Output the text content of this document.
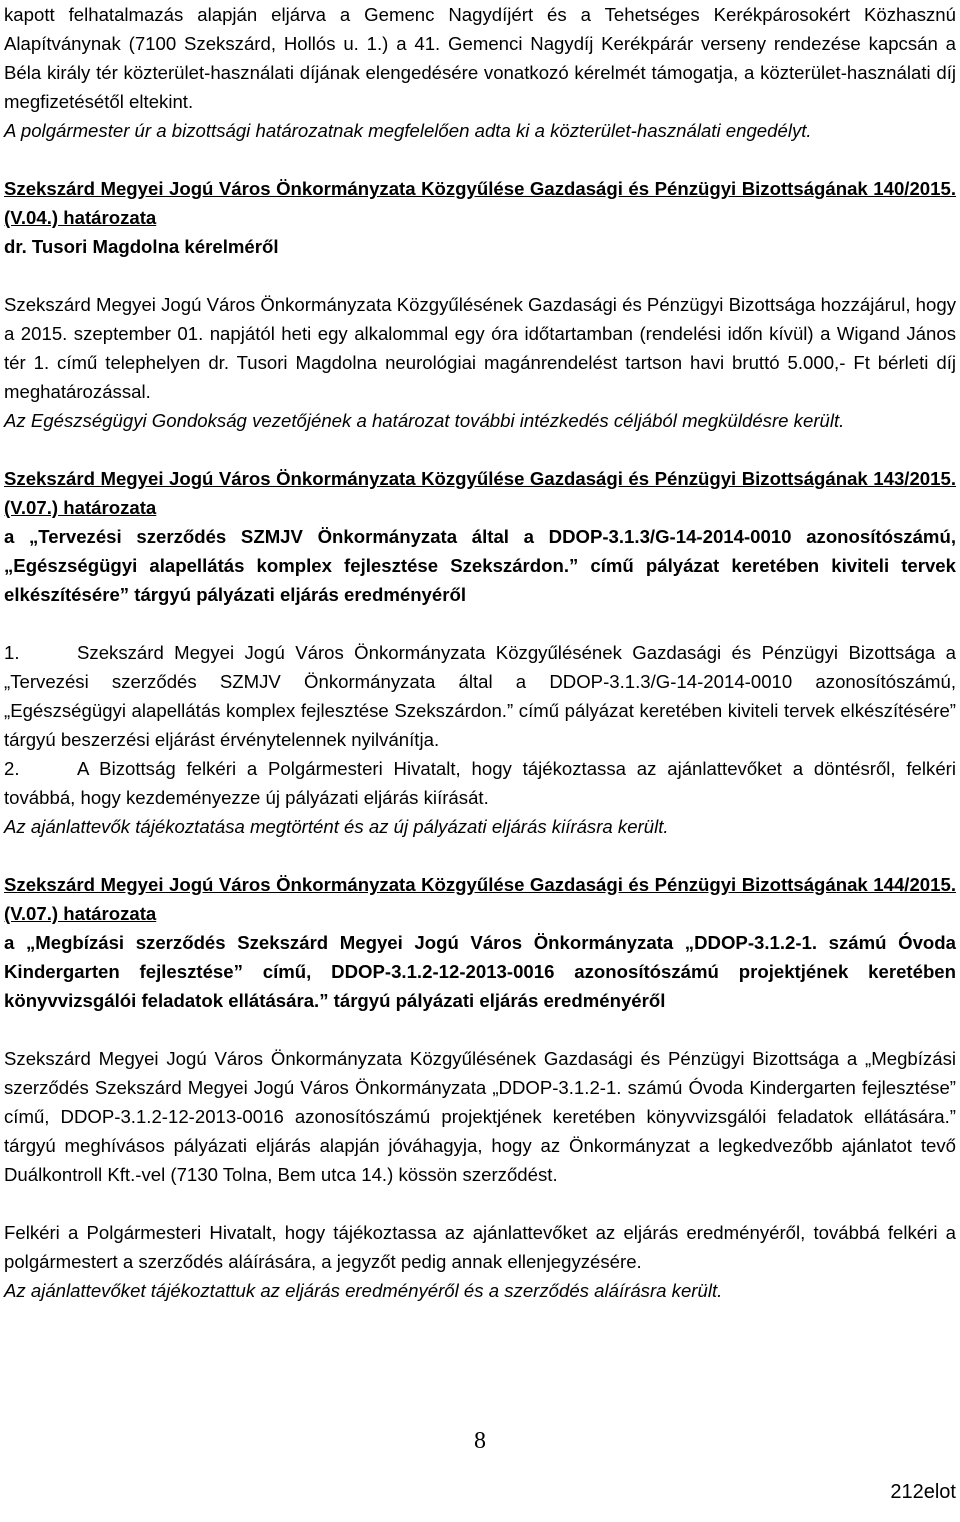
kapott felhatalmazás alapján eljárva a Gemenc Nagydíjért és a Tehetséges Kerékpárosokért Közhasznú Alapítványnak (7100 Szekszárd, Hollós u. 1.) a 41. Gemenci Nagydíj Kerékpárár verseny rendezése kapcsán a Béla király tér közterület-használati díjának elengedésére vonatkozó kérelmét támogatja, a közterület-használati díj megfizetésétől eltekint.

A polgármester úr a bizottsági határozatnak megfelelően adta ki a közterület-használati engedélyt.

Szekszárd Megyei Jogú Város Önkormányzata Közgyűlése Gazdasági és Pénzügyi Bizottságának 140/2015. (V.04.) határozata

dr. Tusori Magdolna kérelméről

Szekszárd Megyei Jogú Város Önkormányzata Közgyűlésének Gazdasági és Pénzügyi Bizottsága hozzájárul, hogy a 2015. szeptember 01. napjától heti egy alkalommal egy óra időtartamban (rendelési időn kívül) a Wigand János tér 1. című telephelyen dr. Tusori Magdolna neurológiai magánrendelést tartson havi bruttó 5.000,- Ft bérleti díj meghatározással.

Az Egészségügyi Gondokság vezetőjének a határozat további intézkedés céljából megküldésre került.

Szekszárd Megyei Jogú Város Önkormányzata Közgyűlése Gazdasági és Pénzügyi Bizottságának 143/2015. (V.07.) határozata

a „Tervezési szerződés SZMJV Önkormányzata által a DDOP-3.1.3/G-14-2014-0010 azonosítószámú, „Egészségügyi alapellátás komplex fejlesztése Szekszárdon.” című pályázat keretében kiviteli tervek elkészítésére” tárgyú pályázati eljárás eredményéről

1.	Szekszárd Megyei Jogú Város Önkormányzata Közgyűlésének Gazdasági és Pénzügyi Bizottsága a „Tervezési szerződés SZMJV Önkormányzata által a DDOP-3.1.3/G-14-2014-0010 azonosítószámú, „Egészségügyi alapellátás komplex fejlesztése Szekszárdon.” című pályázat keretében kiviteli tervek elkészítésére” tárgyú beszerzési eljárást érvénytelennek nyilvánítja.

2.	A Bizottság felkéri a Polgármesteri Hivatalt, hogy tájékoztassa az ajánlattevőket a döntésről, felkéri továbbá, hogy kezdeményezze új pályázati eljárás kiírását.

Az ajánlattevők tájékoztatása megtörtént és az új pályázati eljárás kiírásra került.

Szekszárd Megyei Jogú Város Önkormányzata Közgyűlése Gazdasági és Pénzügyi Bizottságának 144/2015. (V.07.) határozata

a „Megbízási szerződés Szekszárd Megyei Jogú Város Önkormányzata „DDOP-3.1.2-1. számú Óvoda Kindergarten fejlesztése” című, DDOP-3.1.2-12-2013-0016 azonosítószámú projektjének keretében könyvvizsgálói feladatok ellátására.” tárgyú pályázati eljárás eredményéről

Szekszárd Megyei Jogú Város Önkormányzata Közgyűlésének Gazdasági és Pénzügyi Bizottsága a „Megbízási szerződés Szekszárd Megyei Jogú Város Önkormányzata „DDOP-3.1.2-1. számú Óvoda Kindergarten fejlesztése” című, DDOP-3.1.2-12-2013-0016 azonosítószámú projektjének keretében könyvvizsgálói feladatok ellátására.” tárgyú meghívásos pályázati eljárás alapján jóváhagyja, hogy az Önkormányzat a legkedvezőbb ajánlatot tevő Duálkontroll Kft.-vel (7130 Tolna, Bem utca 14.) kössön szerződést.

Felkéri a Polgármesteri Hivatalt, hogy tájékoztassa az ajánlattevőket az eljárás eredményéről, továbbá felkéri a polgármestert a szerződés aláírására, a jegyzőt pedig annak ellenjegyzésére.

Az ajánlattevőket tájékoztattuk az eljárás eredményéről és a szerződés aláírásra került.

8
212elot
